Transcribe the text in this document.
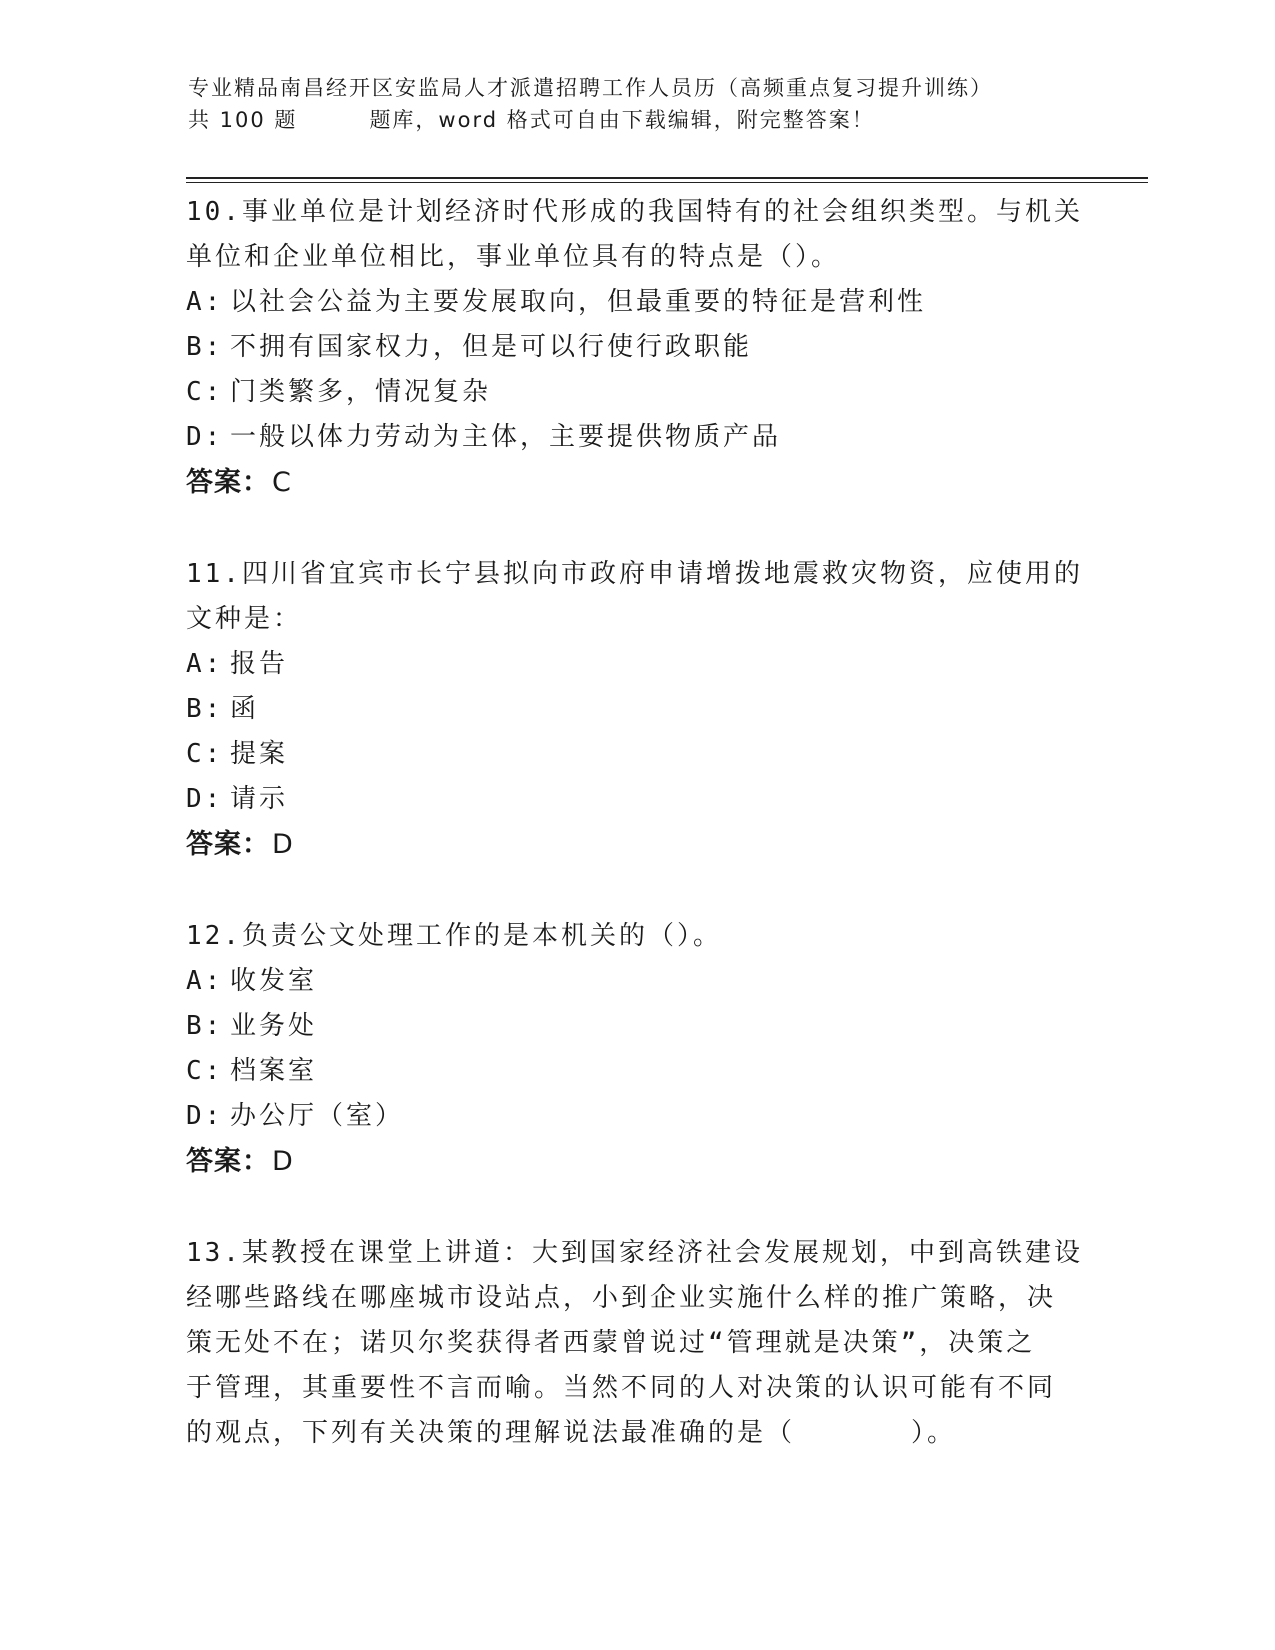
专业精品南昌经开区安监局人才派遣招聘工作人员历（高频重点复习提升训练）
共 100 题	题库，word 格式可自由下载编辑，附完整答案！

10.事业单位是计划经济时代形成的我国特有的社会组织类型。与机关

单位和企业单位相比，事业单位具有的特点是（）。

A: 以社会公益为主要发展取向，但最重要的特征是营利性

B: 不拥有国家权力，但是可以行使行政职能

C: 门类繁多，情况复杂

D: 一般以体力劳动为主体，主要提供物质产品

答案：C

11.四川省宜宾市长宁县拟向市政府申请增拨地震救灾物资，应使用的

文种是：

A: 报告

B: 函

C: 提案

D: 请示

答案：D

12.负责公文处理工作的是本机关的（）。

A: 收发室

B: 业务处

C: 档案室

D: 办公厅（室）

答案：D

13.某教授在课堂上讲道：大到国家经济社会发展规划，中到高铁建设

经哪些路线在哪座城市设站点，小到企业实施什么样的推广策略，决

策无处不在；诺贝尔奖获得者西蒙曾说过“管理就是决策”，决策之

于管理，其重要性不言而喻。当然不同的人对决策的认识可能有不同

的观点，下列有关决策的理解说法最准确的是（　　　　）。
